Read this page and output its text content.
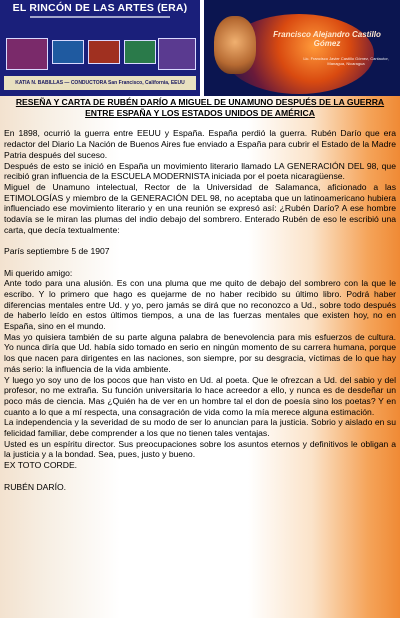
EL RINCÓN DE LAS ARTES (ERA)
KATIA N. BABILLAS — CONDUCTORA San Francisco, California, EEUU
Francisco Alejandro Castillo Gómez
Lic. Francisco Javier Castillo Gómez, Cantautor, Managua, Nicaragua
RESEÑA Y CARTA DE RUBÉN DARÍO A MIGUEL DE UNAMUNO DESPUÉS DE LA GUERRA ENTRE ESPAÑA Y LOS ESTADOS UNIDOS DE AMÉRICA

En 1898, ocurrió la guerra entre EEUU y España. España perdió la guerra. Rubén Darío que era redactor del Diario La Nación de Buenos Aires fue enviado a España para cubrir el Estado de la Madre Patria después del suceso.

Después de esto se inició en España un movimiento literario llamado LA GENERACIÓN DEL 98, que recibió gran influencia de la ESCUELA MODERNISTA iniciada por el poeta nicaragüense.

Miguel de Unamuno intelectual, Rector de la Universidad de Salamanca, aficionado a las ETIMOLOGÍAS y miembro de la GENERACIÓN DEL 98, no aceptaba que un latinoamericano hubiera influenciado ese movimiento literario y en una reunión se expresó así: ¿Rubén Darío? A ese hombre todavía se le miran las plumas del indio debajo del sombrero. Enterado Rubén de eso le escribió una carta, que decía textualmente:

París septiembre 5 de 1907

Mi querido amigo:

Ante todo para una alusión. Es con una pluma que me quito de debajo del sombrero con la que le escribo. Y lo primero que hago es quejarme de no haber recibido su último libro. Podrá haber diferencias mentales entre Ud. y yo, pero jamás se dirá que no reconozco a Ud., sobre todo después de haberlo leído en estos últimos tiempos, a una de las fuerzas mentales que existen hoy, no en España, sino en el mundo.

Mas yo quisiera también de su parte alguna palabra de benevolencia para mis esfuerzos de cultura. Yo nunca diría que Ud. había sido tomado en serio en ningún momento de su carrera humana, porque los que nacen para dirigentes en las naciones, son siempre, por su desgracia, víctimas de lo que hay más serio: la influencia de la vida ambiente.

Y luego yo soy uno de los pocos que han visto en Ud. al poeta. Que le ofrezcan a Ud. del sabio y del profesor, no me extraña. Su función universitaria lo hace acreedor a ello, y nunca es de desdeñar un poco más de ciencia. Mas ¿Quién ha de ver en un hombre tal el don de poesía sino los poetas? Y en cuanto a lo que a mí respecta, una consagración de vida como la mía merece alguna estimación.

La independencia y la severidad de su modo de ser lo anuncian para la justicia. Sobrio y aislado en su felicidad familiar, debe comprender a los que no tienen tales ventajas.

Usted es un espíritu director. Sus preocupaciones sobre los asuntos eternos y definitivos le obligan a la justicia y a la bondad. Sea, pues, justo y bueno.

EX TOTO CORDE.

RUBÉN DARÍO.
